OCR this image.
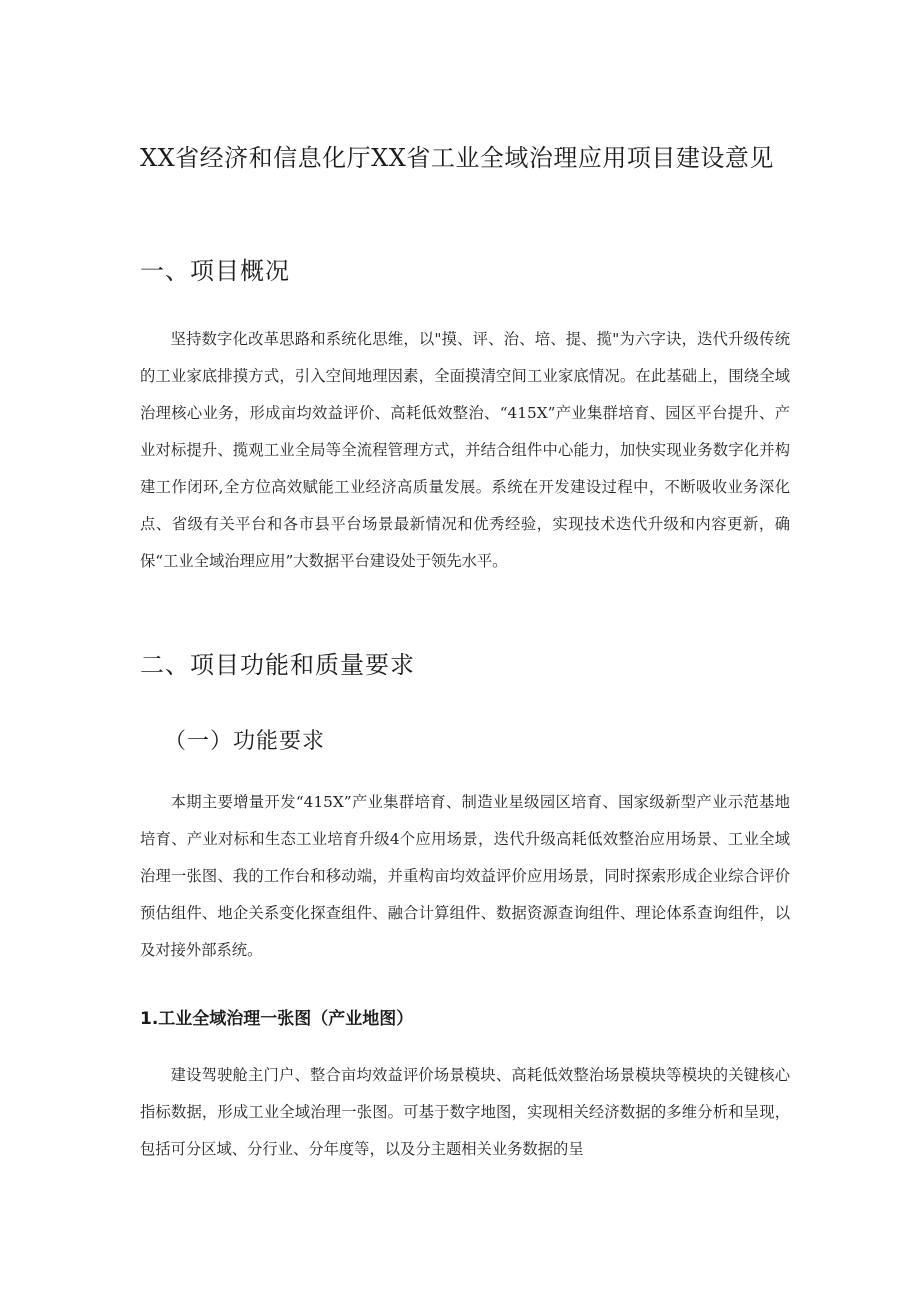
XX省经济和信息化厅XX省工业全域治理应用项目建设意见
一、项目概况

坚持数字化改革思路和系统化思维，以"摸、评、治、培、提、揽"为六字诀，迭代升级传统的工业家底排摸方式，引入空间地理因素，全面摸清空间工业家底情况。在此基础上，围绕全域治理核心业务，形成亩均效益评价、高耗低效整治、“415X”产业集群培育、园区平台提升、产业对标提升、揽观工业全局等全流程管理方式，并结合组件中心能力，加快实现业务数字化并构建工作闭环,全方位高效赋能工业经济高质量发展。系统在开发建设过程中，不断吸收业务深化点、省级有关平台和各市县平台场景最新情况和优秀经验，实现技术迭代升级和内容更新，确保“工业全域治理应用”大数据平台建设处于领先水平。

二、项目功能和质量要求
（一）功能要求

本期主要增量开发“415X”产业集群培育、制造业星级园区培育、国家级新型产业示范基地培育、产业对标和生态工业培育升级4个应用场景，迭代升级高耗低效整治应用场景、工业全域治理一张图、我的工作台和移动端，并重构亩均效益评价应用场景，同时探索形成企业综合评价预估组件、地企关系变化探查组件、融合计算组件、数据资源查询组件、理论体系查询组件，以及对接外部系统。

1.工业全域治理一张图（产业地图）

建设驾驶舱主门户、整合亩均效益评价场景模块、高耗低效整治场景模块等模块的关键核心指标数据，形成工业全域治理一张图。可基于数字地图，实现相关经济数据的多维分析和呈现，包括可分区域、分行业、分年度等，以及分主题相关业务数据的呈
